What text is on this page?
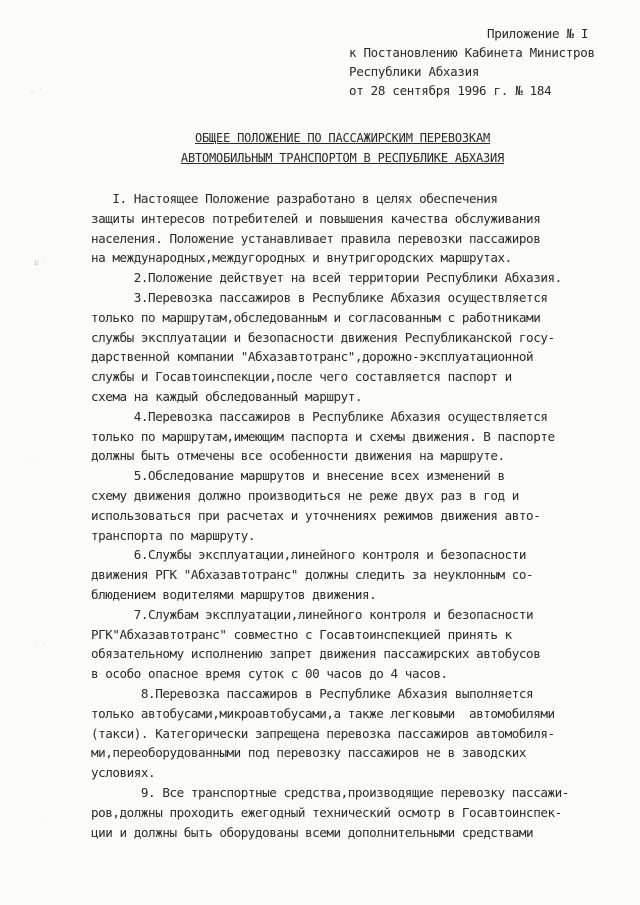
◦ ˙
ʁ ˙
· ˙
˙ ˙
˙
Приложение № I
к Постановлению Кабинета Министров
Республики Абхазия
от 28 сентября 1996 г. № 184
ОБЩЕЕ ПОЛОЖЕНИЕ ПО ПАССАЖИРСКИМ ПЕРЕВОЗКАМ
АВТОМОБИЛЬНЫМ ТРАНСПОРТОМ В РЕСПУБЛИКЕ АБХАЗИЯ
I. Настоящее Положение разработано в целях обеспечения
защиты интересов потребителей и повышения качества обслуживания
населения. Положение устанавливает правила перевозки пассажиров
на международных,междугородных и внутригородских маршрутах.
2.Положение действует на всей территории Республики Абхазия.
3.Перевозка пассажиров в Республике Абхазия осуществляется
только по маршрутам,обследованным и согласованным с работниками
службы эксплуатации и безопасности движения Республиканской госу-
дарственной компании "Абхазавтотранс",дорожно-эксплуатационной
службы и Госавтоинспекции,после чего составляется паспорт и
схема на каждый обследованный маршрут.
4.Перевозка пассажиров в Республике Абхазия осуществляется
только по маршрутам,имеющим паспорта и схемы движения. В паспорте
должны быть отмечены все особенности движения на маршруте.
5.Обследование маршрутов и внесение всех изменений в
схему движения должно производиться не реже двух раз в год и
использоваться при расчетах и уточнениях режимов движения авто-
транспорта по маршруту.
6.Службы эксплуатации,линейного контроля и безопасности
движения РГК "Абхазавтотранс" должны следить за неуклонным со-
блюдением водителями маршрутов движения.
7.Службам эксплуатации,линейного контроля и безопасности
РГК"Абхазавтотранс" совместно с Госавтоинспекцией принять к
обязательному исполнению запрет движения пассажирских автобусов
в особо опасное время суток с 00 часов до 4 часов.
8.Перевозка пассажиров в Республике Абхазия выполняется
только автобусами,микроавтобусами,а также легковыми  автомобилями
(такси). Категорически запрещена перевозка пассажиров автомобиля-
ми,переоборудованными под перевозку пассажиров не в заводских
условиях.
9. Все транспортные средства,производящие перевозку пассажи-
ров,должны проходить ежегодный технический осмотр в Госавтоинспек-
ции и должны быть оборудованы всеми дополнительными средствами
